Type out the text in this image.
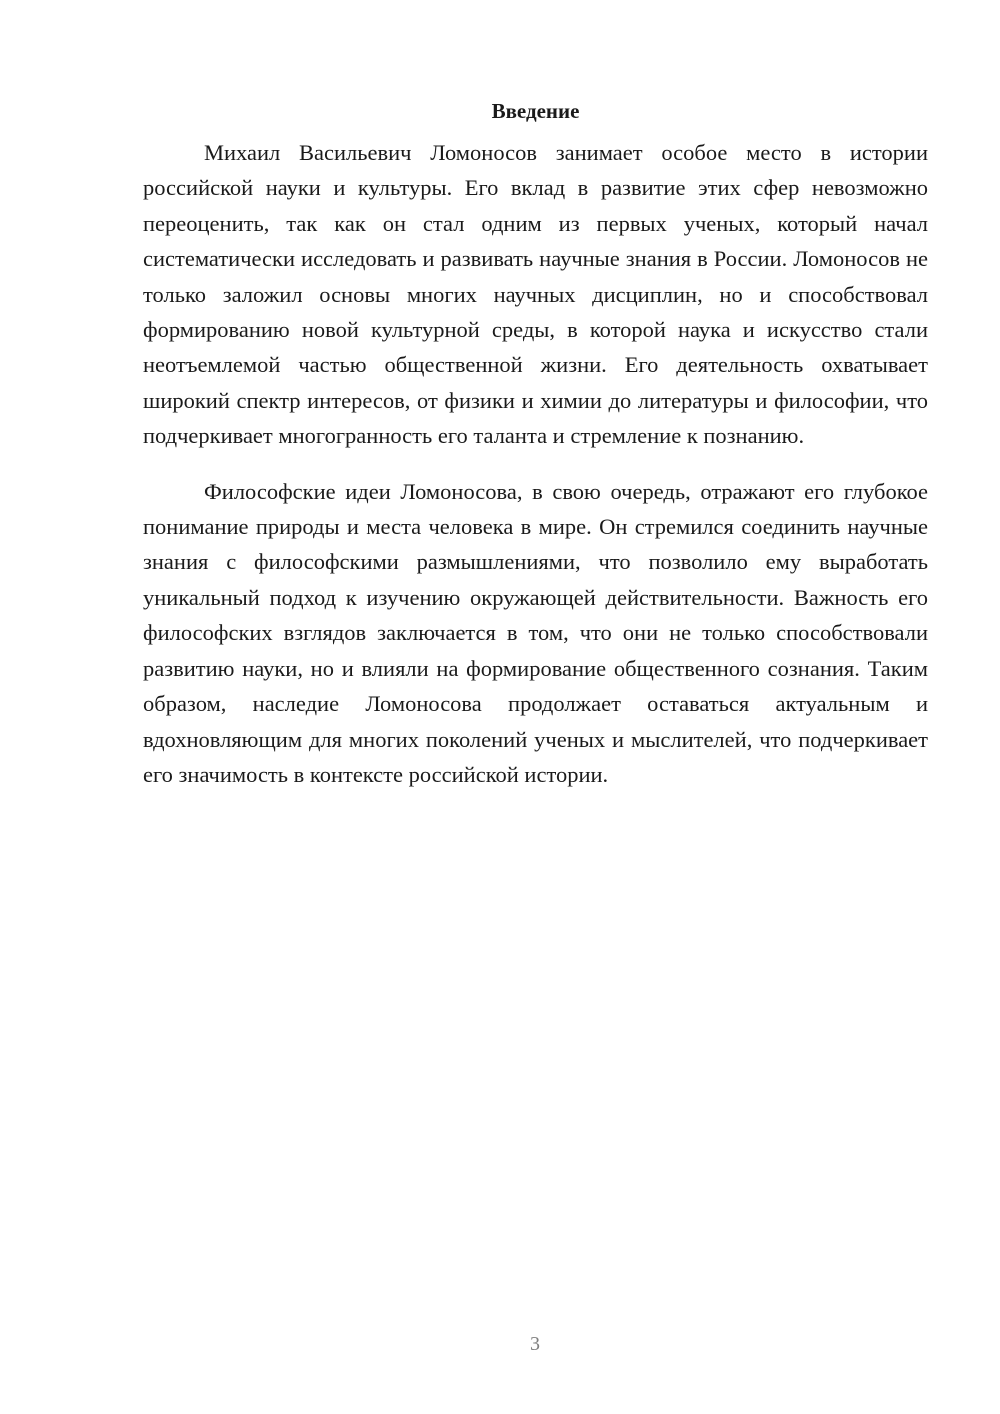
Введение

Михаил Васильевич Ломоносов занимает особое место в истории российской науки и культуры. Его вклад в развитие этих сфер невозможно переоценить, так как он стал одним из первых ученых, который начал систематически исследовать и развивать научные знания в России. Ломоносов не только заложил основы многих научных дисциплин, но и способствовал формированию новой культурной среды, в которой наука и искусство стали неотъемлемой частью общественной жизни. Его деятельность охватывает широкий спектр интересов, от физики и химии до литературы и философии, что подчеркивает многогранность его таланта и стремление к познанию.

Философские идеи Ломоносова, в свою очередь, отражают его глубокое понимание природы и места человека в мире. Он стремился соединить научные знания с философскими размышлениями, что позволило ему выработать уникальный подход к изучению окружающей действительности. Важность его философских взглядов заключается в том, что они не только способствовали развитию науки, но и влияли на формирование общественного сознания. Таким образом, наследие Ломоносова продолжает оставаться актуальным и вдохновляющим для многих поколений ученых и мыслителей, что подчеркивает его значимость в контексте российской истории.

3
